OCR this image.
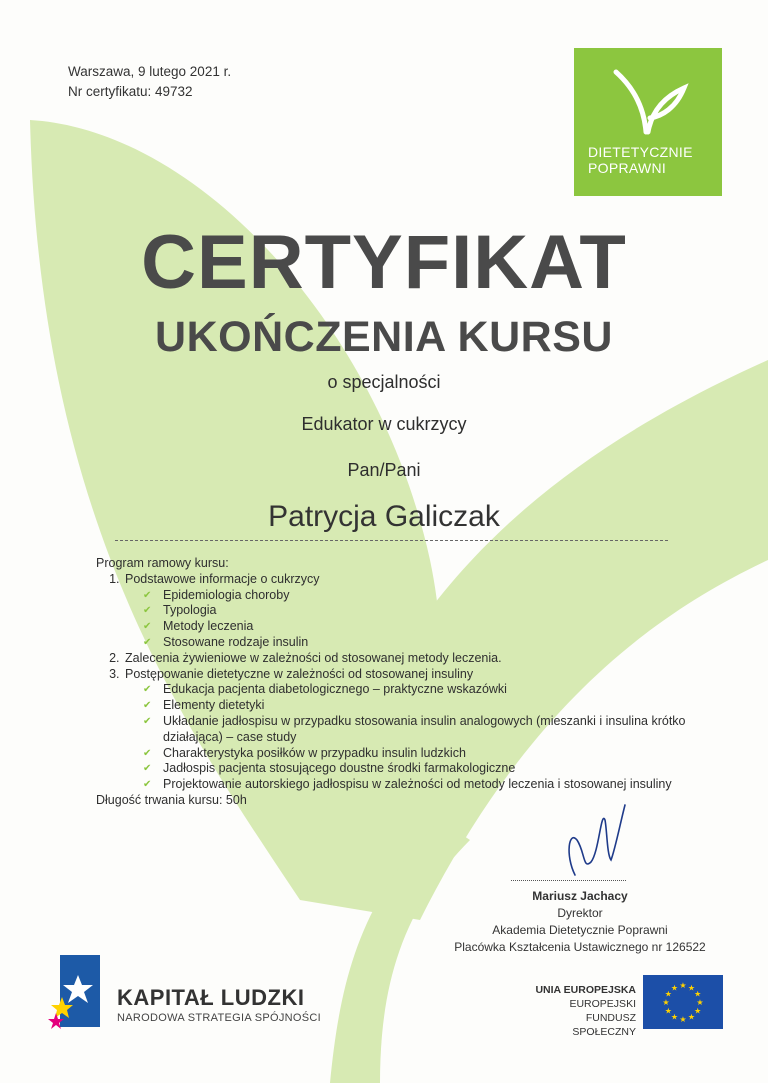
Warszawa, 9 lutego 2021 r.
Nr certyfikatu: 49732
DIETETYCZNIE
POPRAWNI
CERTYFIKAT
UKOŃCZENIA KURSU
o specjalności
Edukator w cukrzycy
Pan/Pani
Patrycja Galiczak
Program ramowy kursu:
1. Podstawowe informacje o cukrzycy
✔ Epidemiologia choroby
✔ Typologia
✔ Metody leczenia
✔ Stosowane rodzaje insulin
2. Zalecenia żywieniowe w zależności od stosowanej metody leczenia.
3. Postępowanie dietetyczne w zależności od stosowanej insuliny
✔ Edukacja pacjenta diabetologicznego – praktyczne wskazówki
✔ Elementy dietetyki
✔ Układanie jadłospisu w przypadku stosowania insulin analogowych (mieszanki i insulina krótko działająca) – case study
✔ Charakterystyka posiłków w przypadku insulin ludzkich
✔ Jadłospis pacjenta stosującego doustne środki farmakologiczne
✔ Projektowanie autorskiego jadłospisu w zależności od metody leczenia i stosowanej insuliny
Długość trwania kursu: 50h
Mariusz Jachacy
Dyrektor
Akademia Dietetycznie Poprawni
Placówka Kształcenia Ustawicznego nr 126522
KAPITAŁ LUDZKI
NARODOWA STRATEGIA SPÓJNOŚCI
UNIA EUROPEJSKA
EUROPEJSKI
FUNDUSZ SPOŁECZNY
★
★
★
★
★
★
★
★
★ ★ ★
★
